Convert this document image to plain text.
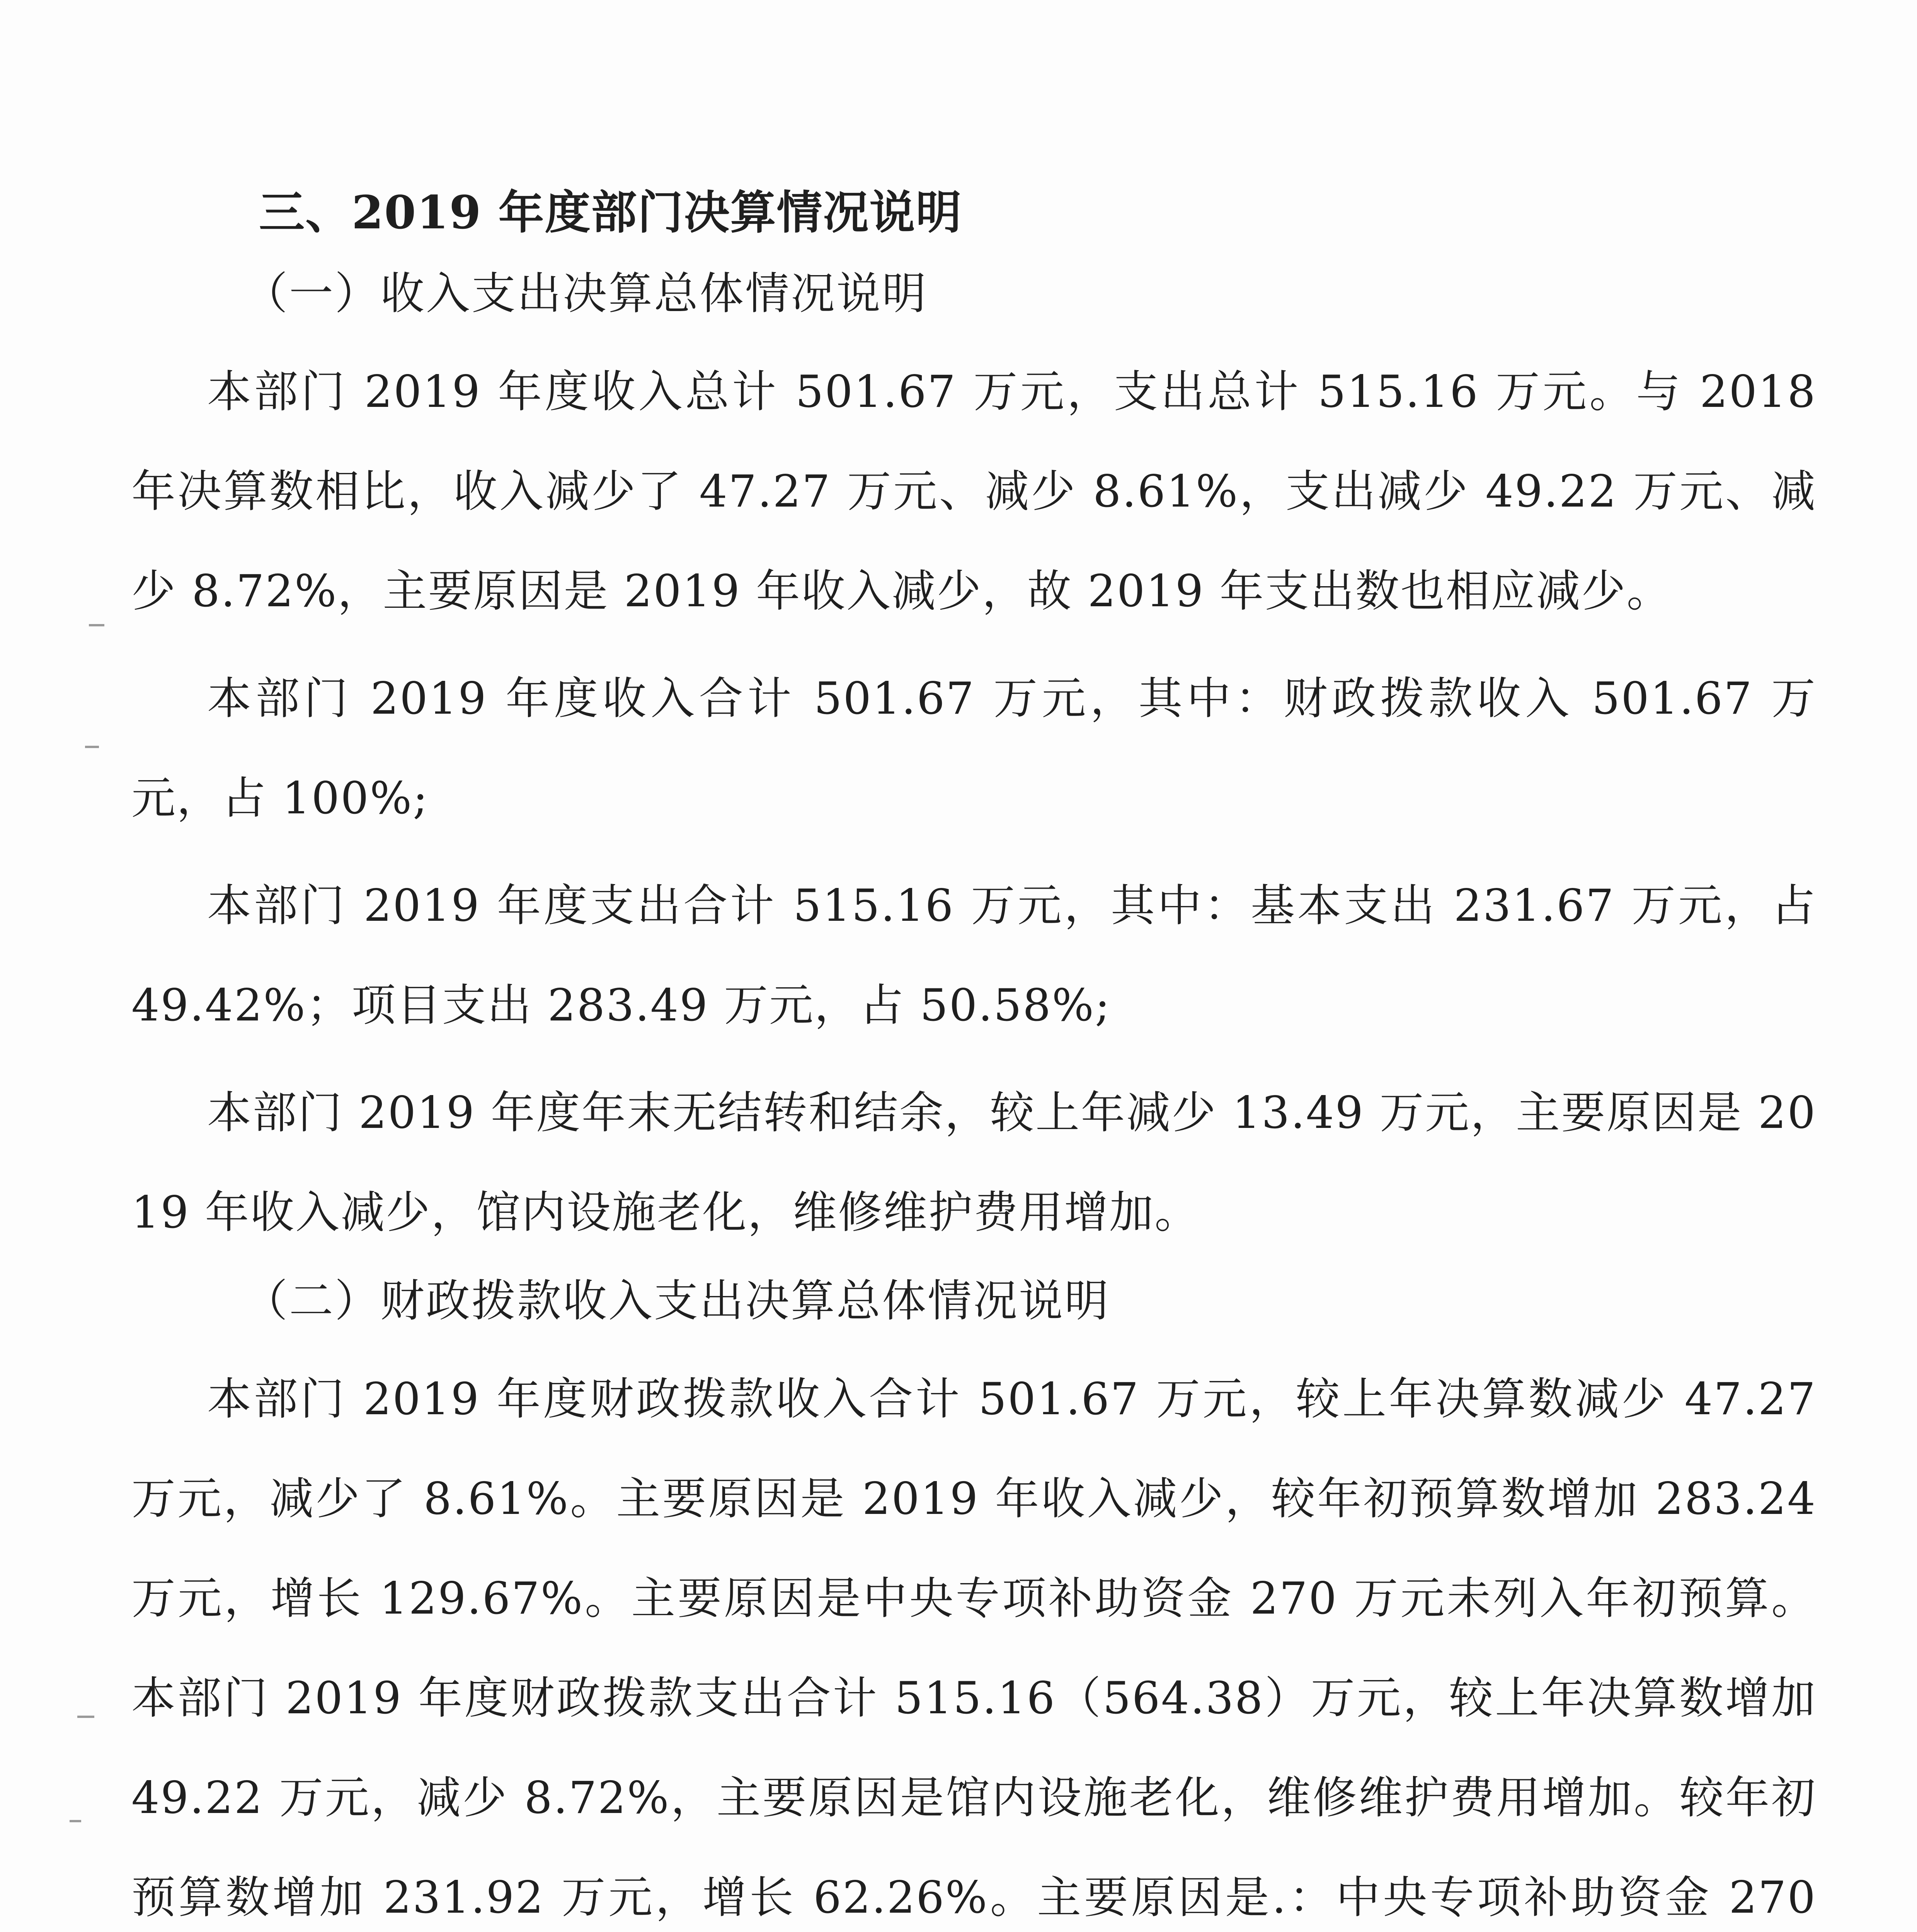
三、2019 年度部门决算情况说明
（一）收入支出决算总体情况说明

本部门 2019 年度收入总计 501.67 万元，支出总计 515.16 万元。与 2018 年决算数相比，收入减少了 47.27 万元、减少 8.61%，支出减少 49.22 万元、减少 8.72%，主要原因是 2019 年收入减少，故 2019 年支出数也相应减少。

本部门 2019 年度收入合计 501.67 万元，其中：财政拨款收入 501.67 万元，占 100%;

本部门 2019 年度支出合计 515.16 万元，其中：基本支出 231.67 万元，占 49.42%；项目支出 283.49 万元，占 50.58%;

本部门 2019 年度年末无结转和结余，较上年减少 13.49 万元，主要原因是 2019 年收入减少，馆内设施老化，维修维护费用增加。

（二）财政拨款收入支出决算总体情况说明

本部门 2019 年度财政拨款收入合计 501.67 万元，较上年决算数减少 47.27 万元，减少了 8.61%。主要原因是 2019 年收入减少，较年初预算数增加 283.24 万元，增长 129.67%。主要原因是中央专项补助资金 270 万元未列入年初预算。本部门 2019 年度财政拨款支出合计 515.16（564.38）万元，较上年决算数增加 49.22 万元，减少 8.72%，主要原因是馆内设施老化，维修维护费用增加。较年初预算数增加 231.92 万元，增长 62.26%。主要原因是.：中央专项补助资金 270
